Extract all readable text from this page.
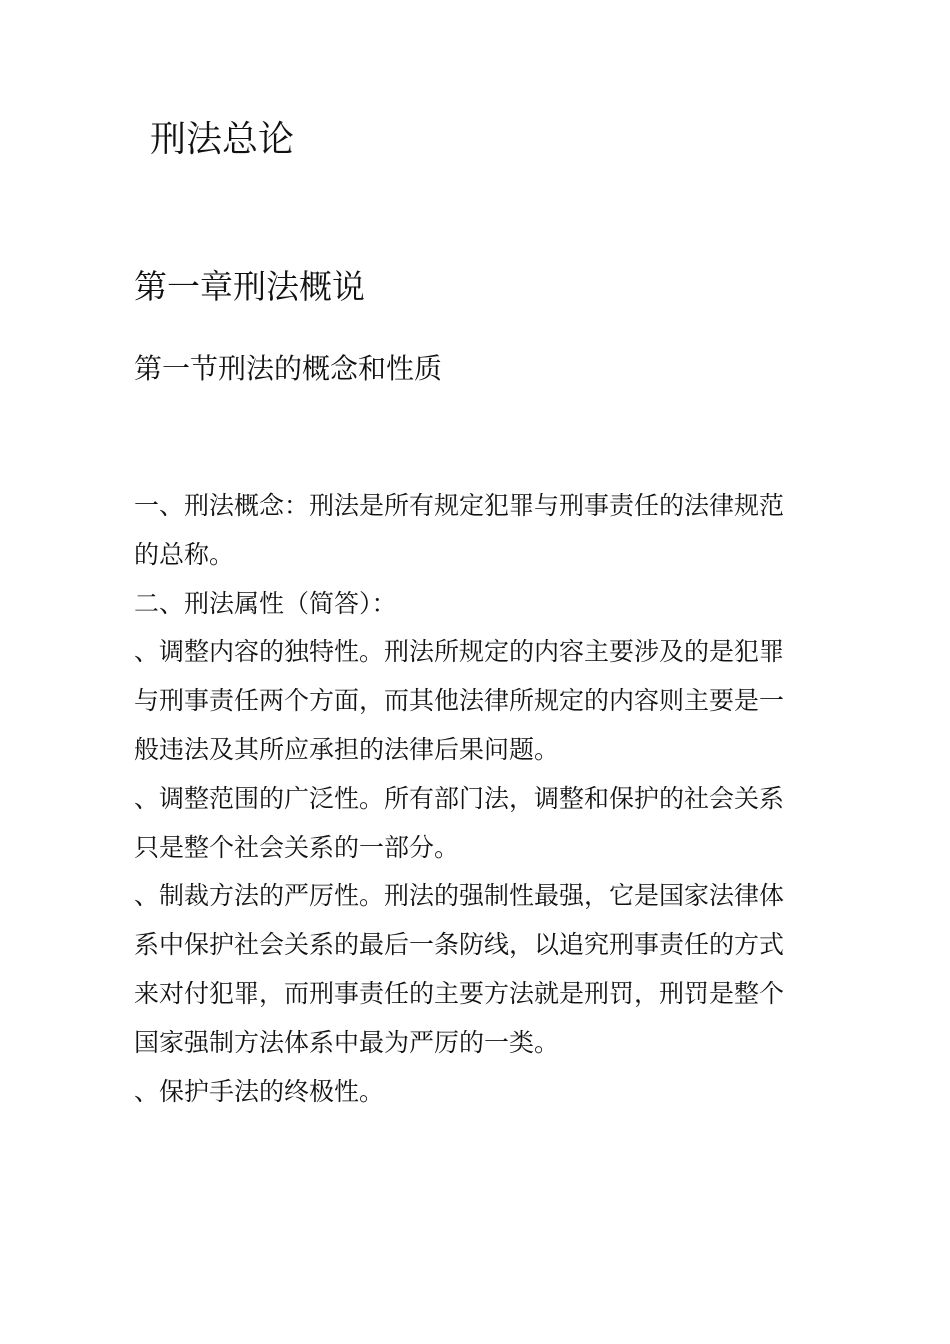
刑法总论
第一章刑法概说
第一节刑法的概念和性质

一、刑法概念：刑法是所有规定犯罪与刑事责任的法律规范

的总称。

二、刑法属性（简答）：

、调整内容的独特性。刑法所规定的内容主要涉及的是犯罪

与刑事责任两个方面，而其他法律所规定的内容则主要是一

般违法及其所应承担的法律后果问题。

、调整范围的广泛性。所有部门法，调整和保护的社会关系

只是整个社会关系的一部分。

、制裁方法的严厉性。刑法的强制性最强，它是国家法律体

系中保护社会关系的最后一条防线，以追究刑事责任的方式

来对付犯罪，而刑事责任的主要方法就是刑罚，刑罚是整个

国家强制方法体系中最为严厉的一类。

、保护手法的终极性。
